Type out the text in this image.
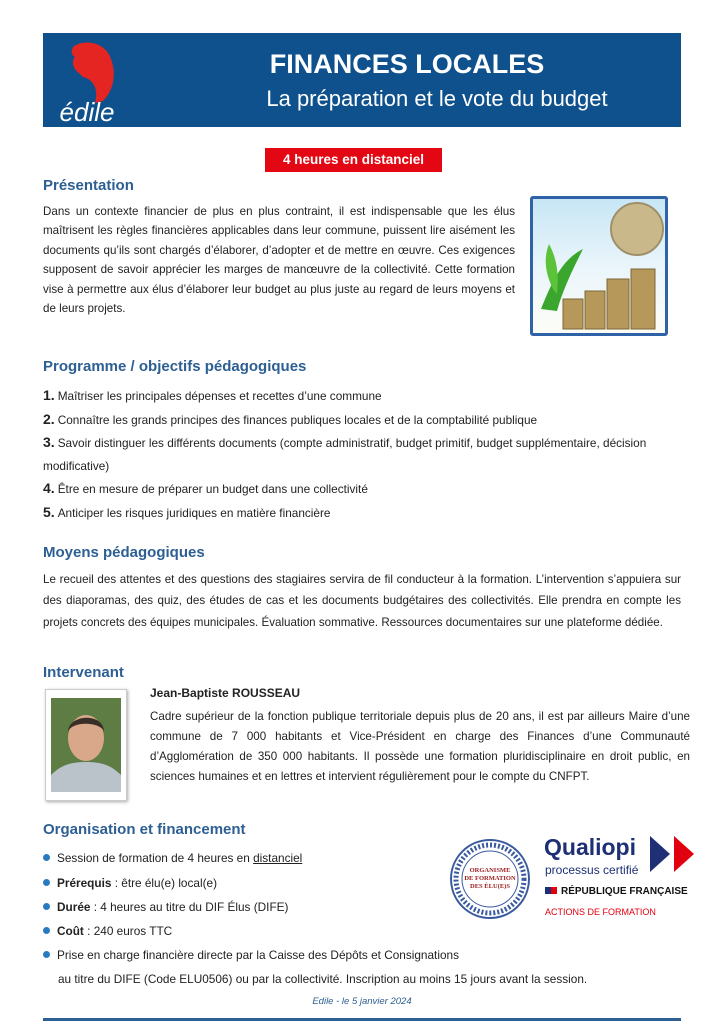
édile
FINANCES LOCALES
La préparation et le vote du budget
4 heures en distanciel
Présentation
Dans un contexte financier de plus en plus contraint, il est indispensable que les élus maîtrisent les règles financières applicables dans leur commune, puissent lire aisément les documents qu’ils sont chargés d’élaborer, d’adopter et de mettre en œuvre. Ces exigences supposent de savoir apprécier les marges de manœuvre de la collectivité. Cette formation vise à permettre aux élus d’élaborer leur budget au plus juste au regard de leurs moyens et de leurs projets.
Programme / objectifs pédagogiques
1. Maîtriser les principales dépenses et recettes d’une commune
2. Connaître les grands principes des finances publiques locales et de la comptabilité publique
3. Savoir distinguer les différents documents (compte administratif, budget primitif, budget supplémentaire, décision modificative)
4. Être en mesure de préparer un budget dans une collectivité
5. Anticiper les risques juridiques en matière financière
Moyens pédagogiques
Le recueil des attentes et des questions des stagiaires servira de fil conducteur à la formation. L’intervention s’appuiera sur des diaporamas, des quiz, des études de cas et les documents budgétaires des collectivités. Elle prendra en compte les projets concrets des équipes municipales. Évaluation sommative. Ressources documentaires sur une plateforme dédiée.
Intervenant
Jean-Baptiste ROUSSEAU
Cadre supérieur de la fonction publique territoriale depuis plus de 20 ans, il est par ailleurs Maire d’une commune de 7 000 habitants et Vice-Président en charge des Finances d’une Communauté d’Agglomération de 350 000 habitants. Il possède une formation pluridisciplinaire en droit public, en sciences humaines et en lettres et intervient régulièrement pour le compte du CNFPT.
Organisation et financement
Session de formation de 4 heures en distanciel
Prérequis : être élu(e) local(e)
Durée : 4 heures au titre du DIF Élus (DIFE)
Coût : 240 euros TTC
Prise en charge financière directe par la Caisse des Dépôts et Consignations
au titre du DIFE (Code ELU0506) ou par la collectivité. Inscription au moins 15 jours avant la session.
ORGANISME
DE FORMATION
DES ÉLU(E)S
Qualiopi
processus certifié
RÉPUBLIQUE FRANÇAISE
ACTIONS DE FORMATION
Edile - le 5 janvier 2024
